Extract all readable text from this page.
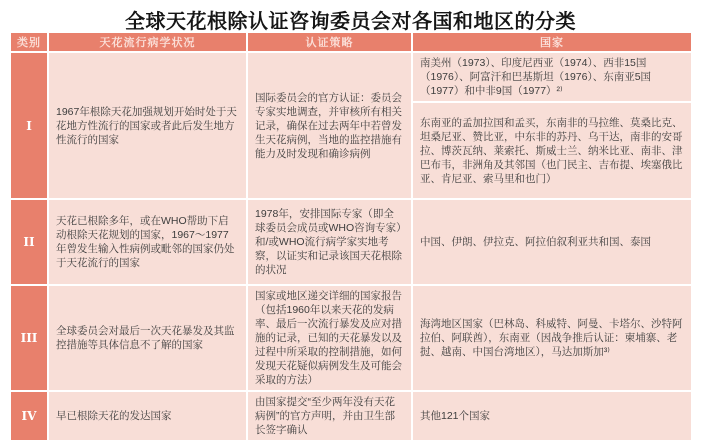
全球天花根除认证咨询委员会对各国和地区的分类
类别	天花流行病学状况	认证策略	国家
I	1967年根除天花加强规划开始时处于天花地方性流行的国家或者此后发生地方性流行的国家	国际委员会的官方认证：委员会专家实地调查，并审核所有相关记录，确保在过去两年中若曾发生天花病例，当地的监控措施有能力及时发现和确诊病例	南美州（1973）、印度尼西亚（1974）、西非15国（1976）、阿富汗和巴基斯坦（1976）、东南亚5国（1977）和中非9国（1977）²⁾
			东南亚的孟加拉国和孟买，东南非的马拉维、莫桑比克、坦桑尼亚、赞比亚，中东非的苏丹、乌干达，南非的安哥拉、博茨瓦纳、莱索托、斯威士兰、纳米比亚、南非、津巴布韦，非洲角及其邻国（也门民主、吉布提、埃塞俄比亚、肯尼亚、索马里和也门）
II	天花已根除多年，或在WHO帮助下启动根除天花规划的国家，1967～1977年曾发生输入性病例或毗邻的国家仍处于天花流行的国家	1978年，安排国际专家（即全球委员会成员或WHO咨询专家）和/或WHO流行病学家实地考察，以证实和记录该国天花根除的状况	中国、伊朗、伊拉克、阿拉伯叙利亚共和国、泰国
III	全球委员会对最后一次天花暴发及其监控措施等具体信息不了解的国家	国家或地区递交详细的国家报告（包括1960年以来天花的发病率、最后一次流行暴发及应对措施的记录，已知的天花暴发以及过程中所采取的控制措施，如何发现天花疑似病例发生及可能会采取的方法）	海湾地区国家（巴林岛、科威特、阿曼、卡塔尔、沙特阿拉伯、阿联酋），东南亚（因战争推后认证：柬埔寨、老挝、越南、中国台湾地区），马达加斯加³⁾
IV	早已根除天花的发达国家	由国家提交“至少两年没有天花病例”的官方声明，并由卫生部长签字确认	其他121个国家
